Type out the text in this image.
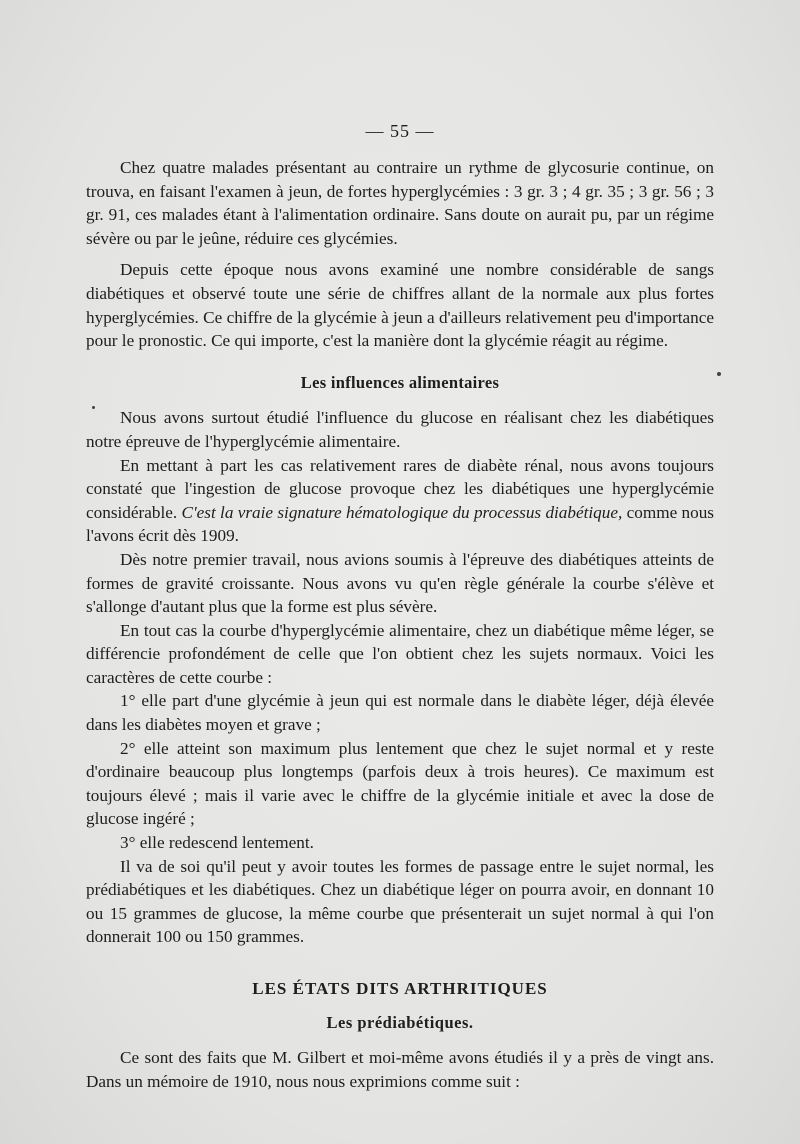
— 55 —

Chez quatre malades présentant au contraire un rythme de glycosurie continue, on trouva, en faisant l'examen à jeun, de fortes hyperglycémies : 3 gr. 3 ; 4 gr. 35 ; 3 gr. 56 ; 3 gr. 91, ces malades étant à l'alimentation ordinaire. Sans doute on aurait pu, par un régime sévère ou par le jeûne, réduire ces glycémies.

Depuis cette époque nous avons examiné une nombre considérable de sangs diabétiques et observé toute une série de chiffres allant de la normale aux plus fortes hyperglycémies. Ce chiffre de la glycémie à jeun a d'ailleurs relativement peu d'importance pour le pronostic. Ce qui importe, c'est la manière dont la glycémie réagit au régime.

Les influences alimentaires

Nous avons surtout étudié l'influence du glucose en réalisant chez les diabétiques notre épreuve de l'hyperglycémie alimentaire.

En mettant à part les cas relativement rares de diabète rénal, nous avons toujours constaté que l'ingestion de glucose provoque chez les diabétiques une hyperglycémie considérable. C'est la vraie signature hématologique du processus diabétique, comme nous l'avons écrit dès 1909.

Dès notre premier travail, nous avions soumis à l'épreuve des diabétiques atteints de formes de gravité croissante. Nous avons vu qu'en règle générale la courbe s'élève et s'allonge d'autant plus que la forme est plus sévère.

En tout cas la courbe d'hyperglycémie alimentaire, chez un diabétique même léger, se différencie profondément de celle que l'on obtient chez les sujets normaux. Voici les caractères de cette courbe :

1° elle part d'une glycémie à jeun qui est normale dans le diabète léger, déjà élevée dans les diabètes moyen et grave ;

2° elle atteint son maximum plus lentement que chez le sujet normal et y reste d'ordinaire beaucoup plus longtemps (parfois deux à trois heures). Ce maximum est toujours élevé ; mais il varie avec le chiffre de la glycémie initiale et avec la dose de glucose ingéré ;

3° elle redescend lentement.

Il va de soi qu'il peut y avoir toutes les formes de passage entre le sujet normal, les prédiabétiques et les diabétiques. Chez un diabétique léger on pourra avoir, en donnant 10 ou 15 grammes de glucose, la même courbe que présenterait un sujet normal à qui l'on donnerait 100 ou 150 grammes.

LES ÉTATS DITS ARTHRITIQUES
Les prédiabétiques.

Ce sont des faits que M. Gilbert et moi-même avons étudiés il y a près de vingt ans. Dans un mémoire de 1910, nous nous exprimions comme suit :
